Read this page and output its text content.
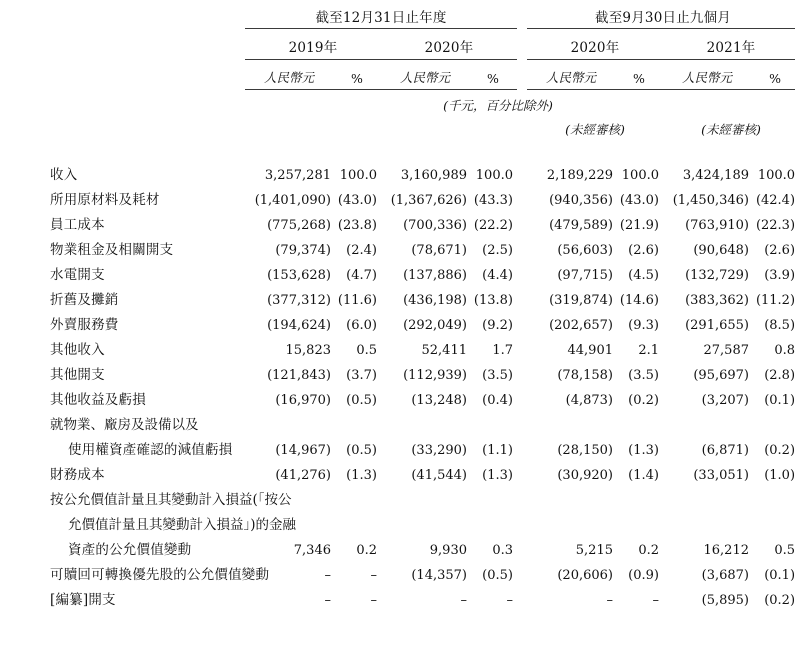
	截至12月31日止年度					截至9月30日止九個月			
	2019年		2020年			2020年		2021年	
	人民幣元	%	人民幣元	%		人民幣元	%	人民幣元	%
		(千元，百分比除外)							
						(未經審核)		(未經審核)	

收入	3,257,281	100.0	3,160,989	100.0		2,189,229	100.0	3,424,189	100.0
所用原材料及耗材	(1,401,090)	(43.0)	(1,367,626)	(43.3)		(940,356)	(43.0)	(1,450,346)	(42.4)
員工成本	(775,268)	(23.8)	(700,336)	(22.2)		(479,589)	(21.9)	(763,910)	(22.3)
物業租金及相關開支	(79,374)	(2.4)	(78,671)	(2.5)		(56,603)	(2.6)	(90,648)	(2.6)
水電開支	(153,628)	(4.7)	(137,886)	(4.4)		(97,715)	(4.5)	(132,729)	(3.9)
折舊及攤銷	(377,312)	(11.6)	(436,198)	(13.8)		(319,874)	(14.6)	(383,362)	(11.2)
外賣服務費	(194,624)	(6.0)	(292,049)	(9.2)		(202,657)	(9.3)	(291,655)	(8.5)
其他收入	15,823	0.5	52,411	1.7		44,901	2.1	27,587	0.8
其他開支	(121,843)	(3.7)	(112,939)	(3.5)		(78,158)	(3.5)	(95,697)	(2.8)
其他收益及虧損	(16,970)	(0.5)	(13,248)	(0.4)		(4,873)	(0.2)	(3,207)	(0.1)
就物業、廠房及設備以及									
使用權資產確認的減值虧損	(14,967)	(0.5)	(33,290)	(1.1)		(28,150)	(1.3)	(6,871)	(0.2)
財務成本	(41,276)	(1.3)	(41,544)	(1.3)		(30,920)	(1.4)	(33,051)	(1.0)
按公允價值計量且其變動計入損益(「按公									
允價值計量且其變動計入損益」)的金融									
資產的公允價值變動	7,346	0.2	9,930	0.3		5,215	0.2	16,212	0.5
可贖回可轉換優先股的公允價值變動	–	–	(14,357)	(0.5)		(20,606)	(0.9)	(3,687)	(0.1)
[編纂]開支	–	–	–	–		–	–	(5,895)	(0.2)
